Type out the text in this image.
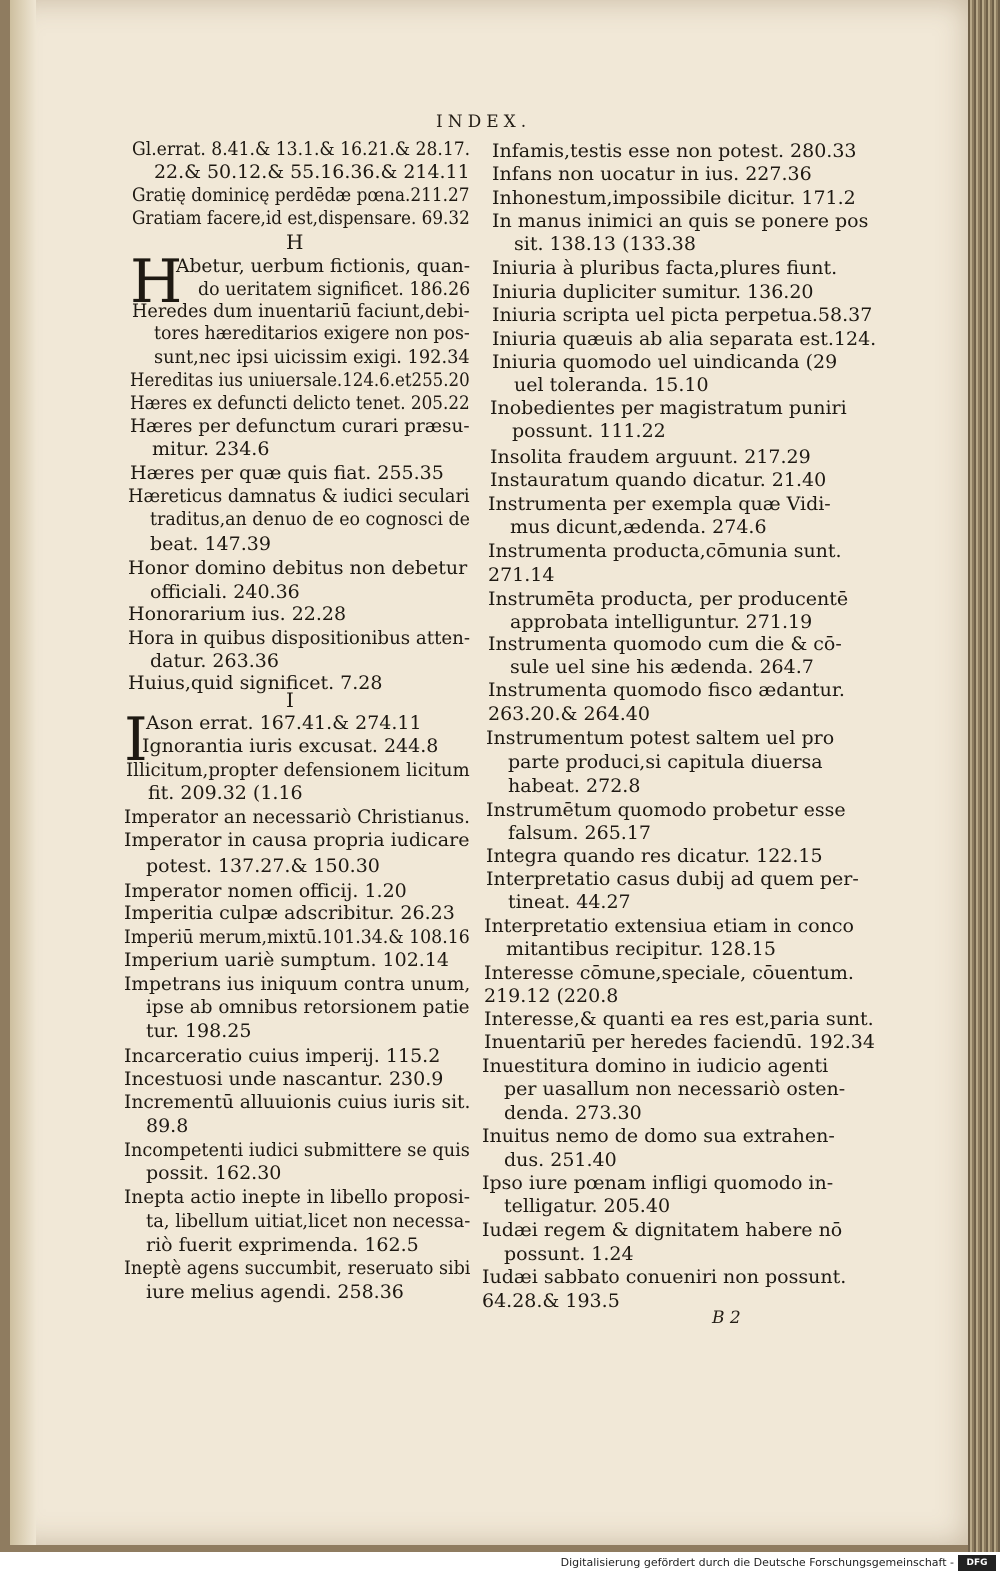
INDEX.
Gl.errat. 8.41.& 13.1.& 16.21.& 28.17.
22.& 50.12.& 55.16.36.& 214.11
Gratię dominicę perdēdæ pœna.211.27
Gratiam facere,id est,dispensare. 69.32
Abetur, uerbum fictionis, quan-
do ueritatem significet. 186.26
Heredes dum inuentariū faciunt,debi-
tores hæreditarios exigere non pos-
sunt,nec ipsi uicissim exigi. 192.34
Hereditas ius uniuersale.124.6.et255.20
Hæres ex defuncti delicto tenet. 205.22
Hæres per defunctum curari præsu-
mitur. 234.6
Hæres per quæ quis fiat. 255.35
Hæreticus damnatus & iudici seculari
traditus,an denuo de eo cognosci de
beat. 147.39
Honor domino debitus non debetur
officiali. 240.36
Honorarium ius. 22.28
Hora in quibus dispositionibus atten-
datur. 263.36
Huius,quid significet. 7.28
Ason errat. 167.41.& 274.11
Ignorantia iuris excusat. 244.8
Illicitum,propter defensionem licitum
fit. 209.32 (1.16
Imperator an necessariò Christianus.
Imperator in causa propria iudicare
potest. 137.27.& 150.30
Imperator nomen officij. 1.20
Imperitia culpæ adscribitur. 26.23
Imperiū merum,mixtū.101.34.& 108.16
Imperium uariè sumptum. 102.14
Impetrans ius iniquum contra unum,
ipse ab omnibus retorsionem patie
tur. 198.25
Incarceratio cuius imperij. 115.2
Incestuosi unde nascantur. 230.9
Incrementū alluuionis cuius iuris sit.
89.8
Incompetenti iudici submittere se quis
possit. 162.30
Inepta actio inepte in libello proposi-
ta, libellum uitiat,licet non necessa-
riò fuerit exprimenda. 162.5
Ineptè agens succumbit, reseruato sibi
iure melius agendi. 258.36
Infamis,testis esse non potest. 280.33
Infans non uocatur in ius. 227.36
Inhonestum,impossibile dicitur. 171.2
In manus inimici an quis se ponere pos
sit. 138.13 (133.38
Iniuria à pluribus facta,plures fiunt.
Iniuria dupliciter sumitur. 136.20
Iniuria scripta uel picta perpetua.58.37
Iniuria quæuis ab alia separata est.124.
Iniuria quomodo uel uindicanda (29
uel toleranda. 15.10
Inobedientes per magistratum puniri
possunt. 111.22
Insolita fraudem arguunt. 217.29
Instauratum quando dicatur. 21.40
Instrumenta per exempla quæ Vidi-
mus dicunt,ædenda. 274.6
Instrumenta producta,cōmunia sunt.
271.14
Instrumēta producta, per producentē
approbata intelliguntur. 271.19
Instrumenta quomodo cum die & cō-
sule uel sine his ædenda. 264.7
Instrumenta quomodo fisco ædantur.
263.20.& 264.40
Instrumentum potest saltem uel pro
parte produci,si capitula diuersa
habeat. 272.8
Instrumētum quomodo probetur esse
falsum. 265.17
Integra quando res dicatur. 122.15
Interpretatio casus dubij ad quem per-
tineat. 44.27
Interpretatio extensiua etiam in conco
mitantibus recipitur. 128.15
Interesse cōmune,speciale, cōuentum.
219.12 (220.8
Interesse,& quanti ea res est,paria sunt.
Inuentariū per heredes faciendū. 192.34
Inuestitura domino in iudicio agenti
per uasallum non necessariò osten-
denda. 273.30
Inuitus nemo de domo sua extrahen-
dus. 251.40
Ipso iure pœnam infligi quomodo in-
telligatur. 205.40
Iudæi regem & dignitatem habere nō
possunt. 1.24
Iudæi sabbato conueniri non possunt.
64.28.& 193.5
H
H
I
I
B 2
Digitalisierung gefördert durch die Deutsche Forschungsgemeinschaft -	DFG
